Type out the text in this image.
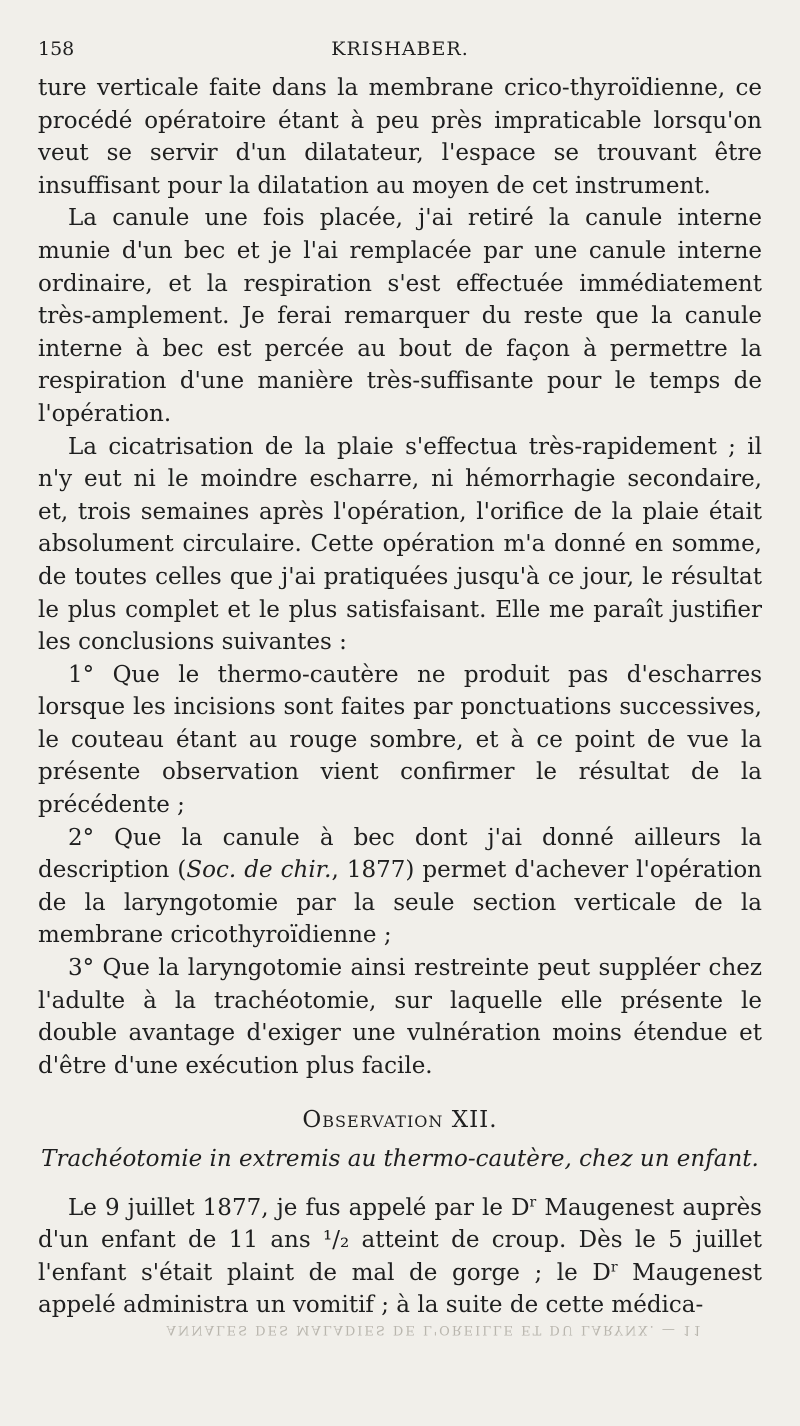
158	KRISHABER.

ture verticale faite dans la membrane crico-thyroïdienne, ce procédé opératoire étant à peu près impraticable lorsqu'on veut se servir d'un dilatateur, l'espace se trouvant être insuffisant pour la dilatation au moyen de cet instrument.

La canule une fois placée, j'ai retiré la canule interne munie d'un bec et je l'ai remplacée par une canule interne ordinaire, et la respiration s'est effectuée immédiatement très-amplement. Je ferai remarquer du reste que la canule interne à bec est percée au bout de façon à permettre la respiration d'une manière très-suffisante pour le temps de l'opération.

La cicatrisation de la plaie s'effectua très-rapidement ; il n'y eut ni le moindre escharre, ni hémorrhagie secondaire, et, trois semaines après l'opération, l'orifice de la plaie était absolument circulaire. Cette opération m'a donné en somme, de toutes celles que j'ai pratiquées jusqu'à ce jour, le résultat le plus complet et le plus satisfaisant. Elle me paraît justifier les conclusions suivantes :

1° Que le thermo-cautère ne produit pas d'escharres lorsque les incisions sont faites par ponctuations successives, le couteau étant au rouge sombre, et à ce point de vue la présente observation vient confirmer le résultat de la précédente ;

2° Que la canule à bec dont j'ai donné ailleurs la description (Soc. de chir., 1877) permet d'achever l'opération de la laryngotomie par la seule section verticale de la membrane cricothyroïdienne ;

3° Que la laryngotomie ainsi restreinte peut suppléer chez l'adulte à la trachéotomie, sur laquelle elle présente le double avantage d'exiger une vulnération moins étendue et d'être d'une exécution plus facile.

Observation XII.
Trachéotomie in extremis au thermo-cautère, chez un enfant.

Le 9 juillet 1877, je fus appelé par le $D^r$ Maugenest auprès d'un enfant de 11 ans ¹/₂ atteint de croup. Dès le 5 juillet l'enfant s'était plaint de mal de gorge ; le $D^r$ Maugenest appelé administra un vomitif ; à la suite de cette médica-

ANNALES DES MALADIES DE L'OREILLE ET DU LARYNX. — 11
